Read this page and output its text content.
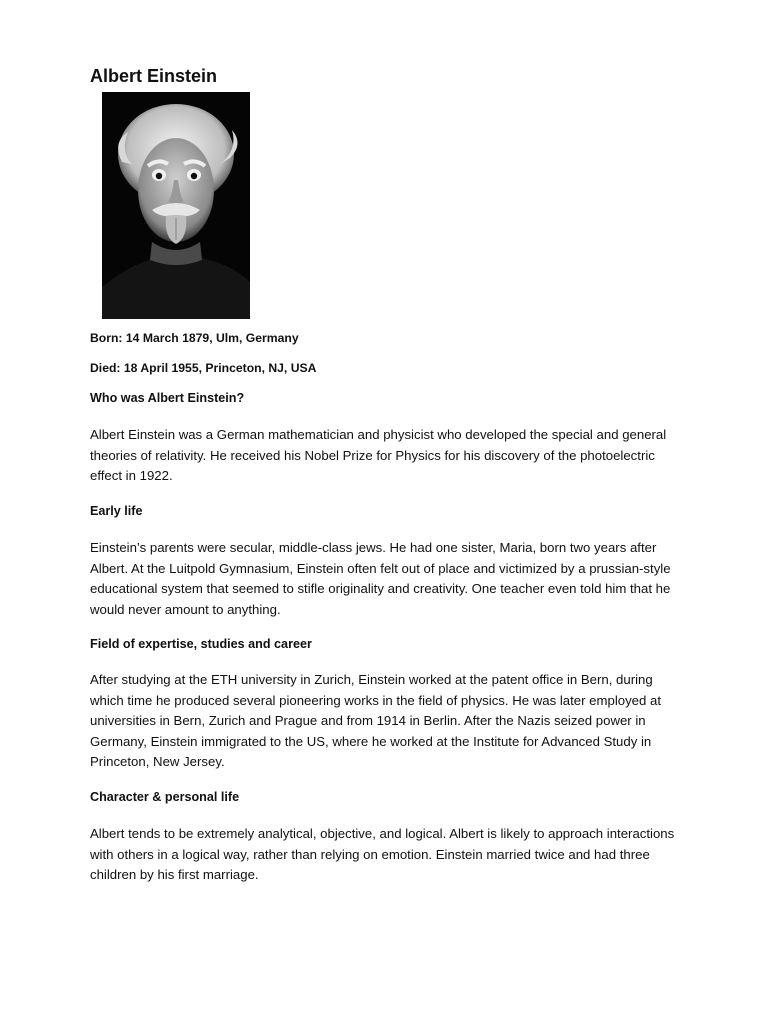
Albert Einstein

Born: 14 March 1879, Ulm, Germany

Died: 18 April 1955, Princeton, NJ, USA

Who was Albert Einstein?

Albert Einstein was a German mathematician and physicist who developed the special and general theories of relativity. He received his Nobel Prize for Physics for his discovery of the photoelectric effect in 1922.

Early life

Einstein’s parents were secular, middle-class jews. He had one sister, Maria, born two years after Albert. At the Luitpold Gymnasium, Einstein often felt out of place and victimized by a prussian-style educational system that seemed to stifle originality and creativity. One teacher even told him that he would never amount to anything.

Field of expertise, studies and career

After studying at the ETH university in Zurich, Einstein worked at the patent office in Bern, during which time he produced several pioneering works in the field of physics. He was later employed at universities in Bern, Zurich and Prague and from 1914 in Berlin. After the Nazis seized power in Germany, Einstein immigrated to the US, where he worked at the Institute for Advanced Study in Princeton, New Jersey.

Character & personal life

Albert tends to be extremely analytical, objective, and logical. Albert is likely to approach interactions with others in a logical way, rather than relying on emotion. Einstein married twice and had three children by his first marriage.
